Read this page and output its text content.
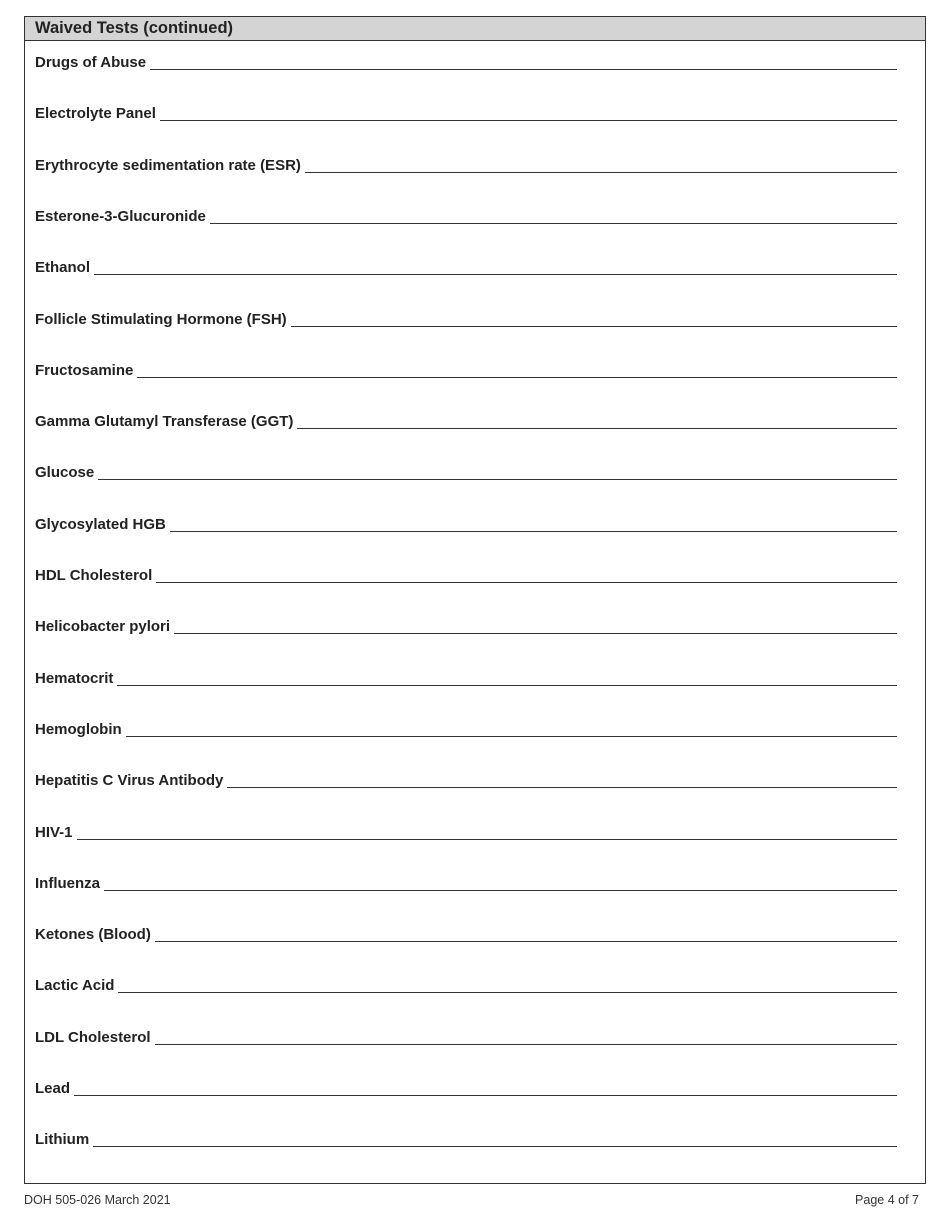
Waived Tests (continued)
Drugs of Abuse
Electrolyte Panel
Erythrocyte sedimentation rate (ESR)
Esterone-3-Glucuronide
Ethanol
Follicle Stimulating Hormone (FSH)
Fructosamine
Gamma Glutamyl Transferase (GGT)
Glucose
Glycosylated HGB
HDL Cholesterol
Helicobacter pylori
Hematocrit
Hemoglobin
Hepatitis C Virus Antibody
HIV-1
Influenza
Ketones (Blood)
Lactic Acid
LDL Cholesterol
Lead
Lithium
DOH 505-026 March 2021	Page 4 of 7
